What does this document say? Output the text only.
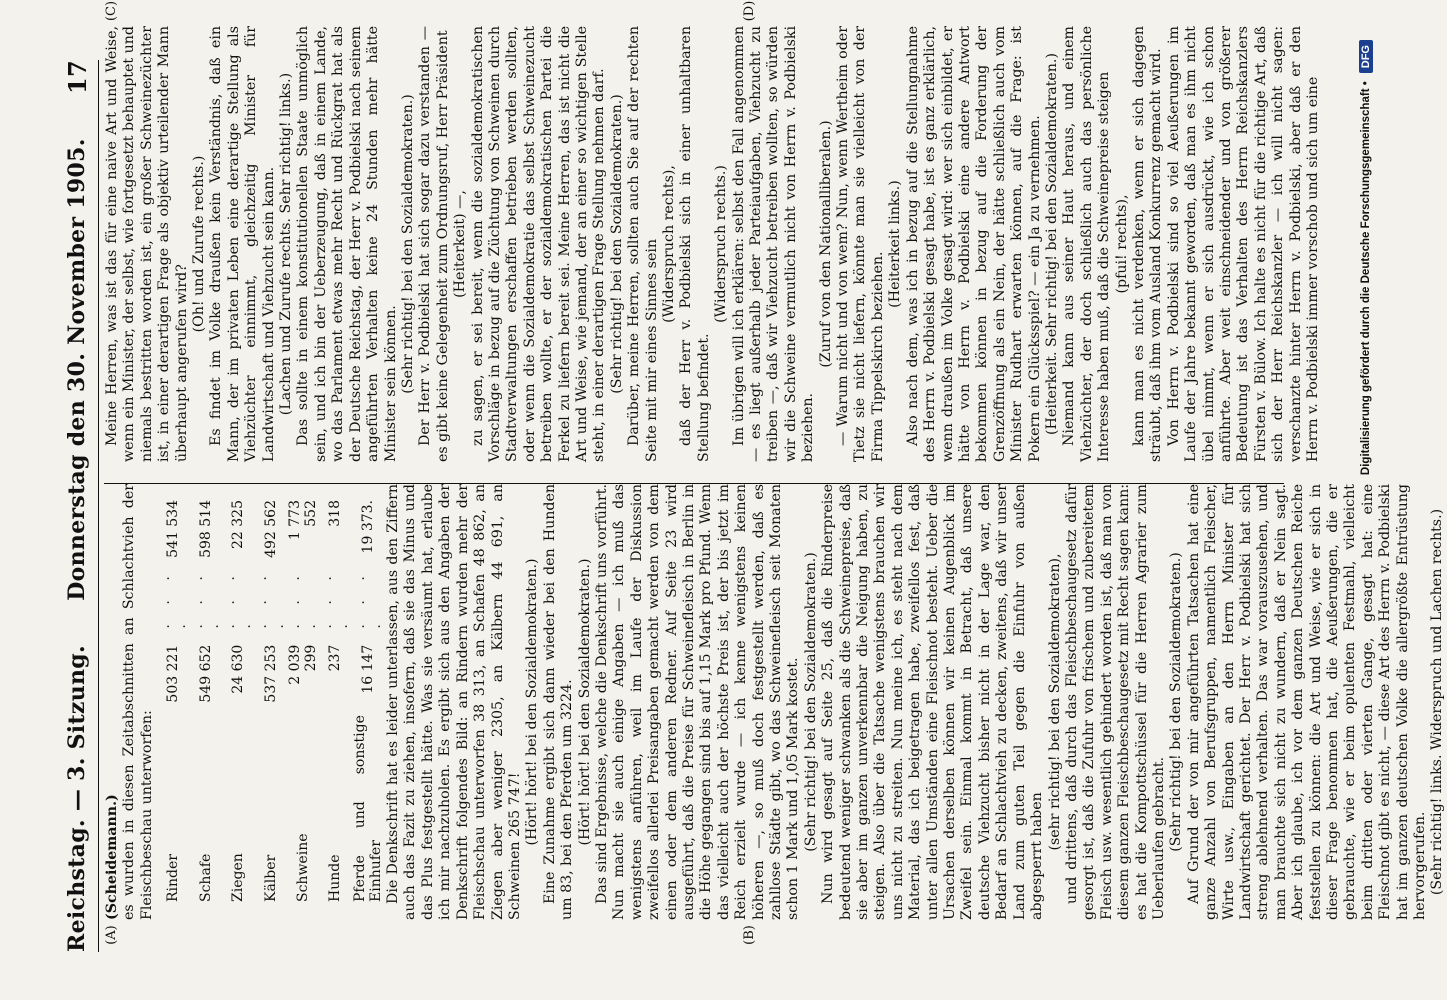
Reichstag. — 3. Sitzung.
Donnerstag den 30. November 1905.
17
(A)	(B)
(C)	(D)

(Scheidemann.) es wurden in diesen Zeitabschnitten an Schlachtvieh der Fleischbeschau unterworfen: Rinder	503 221	. . . .	541 534
Schafe	549 652	. . . .	598 514
Ziegen	24 630	. . . .	22 325
Kälber	537 253	. . . .	492 562
Schweine	2 039 299	. . . .	1 773 552
Hunde	237	. . . .	318
Pferde und sonstige Einhufer	16 147	. . . .	19 373. Die Denkschrift hat es leider unterlassen, aus den Ziffern auch das Fazit zu ziehen, insofern, daß sie das Minus und das Plus festgestellt hätte. Was sie versäumt hat, erlaube ich mir nachzuholen. Es ergibt sich aus den Angaben der Denkschrift folgendes Bild: an Rindern wurden mehr der Fleischschau unterworfen 38 313, an Schafen 48 862, an Ziegen aber weniger 2305, an Kälbern 44 691, an Schweinen 265 747!

(Hört! hört! bei den Sozialdemokraten.) Eine Zunahme ergibt sich dann wieder bei den Hunden um 83, bei den Pferden um 3224. (Hört! hört! bei den Sozialdemokraten.) Das sind Ergebnisse, welche die Denkschrift uns vorführt. Nun macht sie auch einige Angaben — ich muß das wenigstens anführen, weil im Laufe der Diskussion zweifellos allerlei Preisangaben gemacht werden von dem einen oder dem anderen Redner. Auf Seite 23 wird ausgeführt, daß die Preise für Schweinefleisch in Berlin in die Höhe gegangen sind bis auf 1,15 Mark pro Pfund. Wenn das vielleicht auch der höchste Preis ist, der bis jetzt im Reich erzielt wurde — ich kenne wenigstens keinen höheren —, so muß doch festgestellt werden, daß es zahllose Städte gibt, wo das Schweinefleisch seit Monaten schon 1 Mark und 1,05 Mark kostet. (Sehr richtig! bei den Sozialdemokraten.) Nun wird gesagt auf Seite 25, daß die Rinderpreise bedeutend weniger schwanken als die Schweinepreise, daß sie aber im ganzen unverkennbar die Neigung haben, zu steigen. Also über die Tatsache wenigstens brauchen wir uns nicht zu streiten. Nun meine ich, es steht nach dem Material, das ich beigetragen habe, zweifellos fest, daß unter allen Umständen eine Fleischnot besteht. Ueber die Ursachen derselben können wir keinen Augenblick im Zweifel sein. Einmal kommt in Betracht, daß unsere deutsche Viehzucht bisher nicht in der Lage war, den Bedarf an Schlachtvieh zu decken, zweitens, daß wir unser Land zum guten Teil gegen die Einfuhr von außen abgesperrt haben

(sehr richtig! bei den Sozialdemokraten), und drittens, daß durch das Fleischbeschaugesetz dafür gesorgt ist, daß die Zufuhr von frischem und zubereitetem Fleisch usw. wesentlich gehindert worden ist, daß man von diesem ganzen Fleischbeschaugesetz mit Recht sagen kann: es hat die Kompottschüssel für die Herren Agrarier zum Ueberlaufen gebracht. (Sehr richtig! bei den Sozialdemokraten.) Auf Grund der von mir angeführten Tatsachen hat eine ganze Anzahl von Berufsgruppen, namentlich Fleischer, Wirte usw., Eingaben an den Herrn Minister für Landwirtschaft gerichtet. Der Herr v. Podbielski hat sich streng ablehnend verhalten. Das war vorauszusehen, und man brauchte sich nicht zu wundern, daß er Nein sagt. Aber ich glaube, ich vor dem ganzen Deutschen Reiche feststellen zu können: die Art und Weise, wie er sich in dieser Frage benommen hat, die Aeußerungen, die er gebrauchte, wie er beim opulenten Festmahl, vielleicht beim dritten oder vierten Gange, gesagt hat: eine Fleischnot gibt es nicht, — diese Art des Herrn v. Podbielski hat im ganzen deutschen Volke die allergrößte Entrüstung hervorgerufen. (Sehr richtig! links. Widerspruch und Lachen rechts.)

Meine Herren, was ist das für eine naive Art und Weise, wenn ein Minister, der selbst, wie fortgesetzt behauptet und niemals bestritten worden ist, ein großer Schweinezüchter ist, in einer derartigen Frage als objektiv urteilender Mann überhaupt angerufen wird?

(Oh! und Zurufe rechts.) Es findet im Volke draußen kein Verständnis, daß ein Mann, der im privaten Leben eine derartige Stellung als Viehzüchter einnimmt, gleichzeitig Minister für Landwirtschaft und Viehzucht sein kann. (Lachen und Zurufe rechts. Sehr richtig! links.) Das sollte in einem konstitutionellen Staate unmöglich sein, und ich bin der Ueberzeugung, daß in einem Lande, wo das Parlament etwas mehr Recht und Rückgrat hat als der Deutsche Reichstag, der Herr v. Podbielski nach seinem angeführten Verhalten keine 24 Stunden mehr hätte Minister sein können. (Sehr richtig! bei den Sozialdemokraten.) Der Herr v. Podbielski hat sich sogar dazu verstanden — es gibt keine Gelegenheit zum Ordnungsruf, Herr Präsident (Heiterkeit) —, zu sagen, er sei bereit, wenn die sozialdemokratischen Vorschläge in bezug auf die Züchtung von Schweinen durch Stadtverwaltungen erschaffen betrieben werden sollten, oder wenn die Sozialdemokratie das selbst Schweinezucht betreiben wollte, er der sozialdemokratischen Partei die Ferkel zu liefern bereit sei. Meine Herren, das ist nicht die Art und Weise, wie jemand, der an einer so wichtigen Stelle steht, in einer derartigen Frage Stellung nehmen darf. (Sehr richtig! bei den Sozialdemokraten.) Darüber, meine Herren, sollten auch Sie auf der rechten Seite mit mir eines Sinnes sein (Widerspruch rechts), daß der Herr v. Podbielski sich in einer unhaltbaren Stellung befindet.

(Widerspruch rechts.) Im übrigen will ich erklären: selbst den Fall angenommen — es liegt außerhalb jeder Parteiaufgaben, Viehzucht zu treiben —, daß wir Viehzucht betreiben wollten, so würden wir die Schweine vermutlich nicht von Herrn v. Podbielski beziehen.

(Zuruf von den Nationalliberalen.) — Warum nicht und von wem? Nun, wenn Wertheim oder Tietz sie nicht liefern, könnte man sie vielleicht von der Firma Tippelskirch beziehen.

(Heiterkeit links.) Also nach dem, was ich in bezug auf die Stellungnahme des Herrn v. Podbielski gesagt habe, ist es ganz erklärlich, wenn draußen im Volke gesagt wird: wer sich einbildet, er hätte von Herrn v. Podbielski eine andere Antwort bekommen können in bezug auf die Forderung der Grenzöffnung als ein Nein, der hätte schließlich auch vom Minister Rudhart erwarten können, auf die Frage: ist Pokern ein Glücksspiel? — ein Ja zu vernehmen. (Heiterkeit. Sehr richtig! bei den Sozialdemokraten.) Niemand kann aus seiner Haut heraus, und einem Viehzüchter, der doch schließlich auch das persönliche Interesse haben muß, daß die Schweinepreise steigen (pfui! rechts), kann man es nicht verdenken, wenn er sich dagegen sträubt, daß ihm vom Ausland Konkurrenz gemacht wird. Von Herrn v. Podbielski sind so viel Aeußerungen im Laufe der Jahre bekannt geworden, daß man es ihm nicht übel nimmt, wenn er sich ausdrückt, wie ich schon anführte. Aber weit einschneidender und von größerer Bedeutung ist das Verhalten des Herrn Reichskanzlers Fürsten v. Bülow. Ich halte es nicht für die richtige Art, daß sich der Herr Reichskanzler — ich will nicht sagen: verschanzte hinter Herrn v. Podbielski, aber daß er den Herrn v. Podbielski immer vorschob und sich um eine	Digitalisierung gefördert durch die Deutsche Forschungsgemeinschaft •
DFG
